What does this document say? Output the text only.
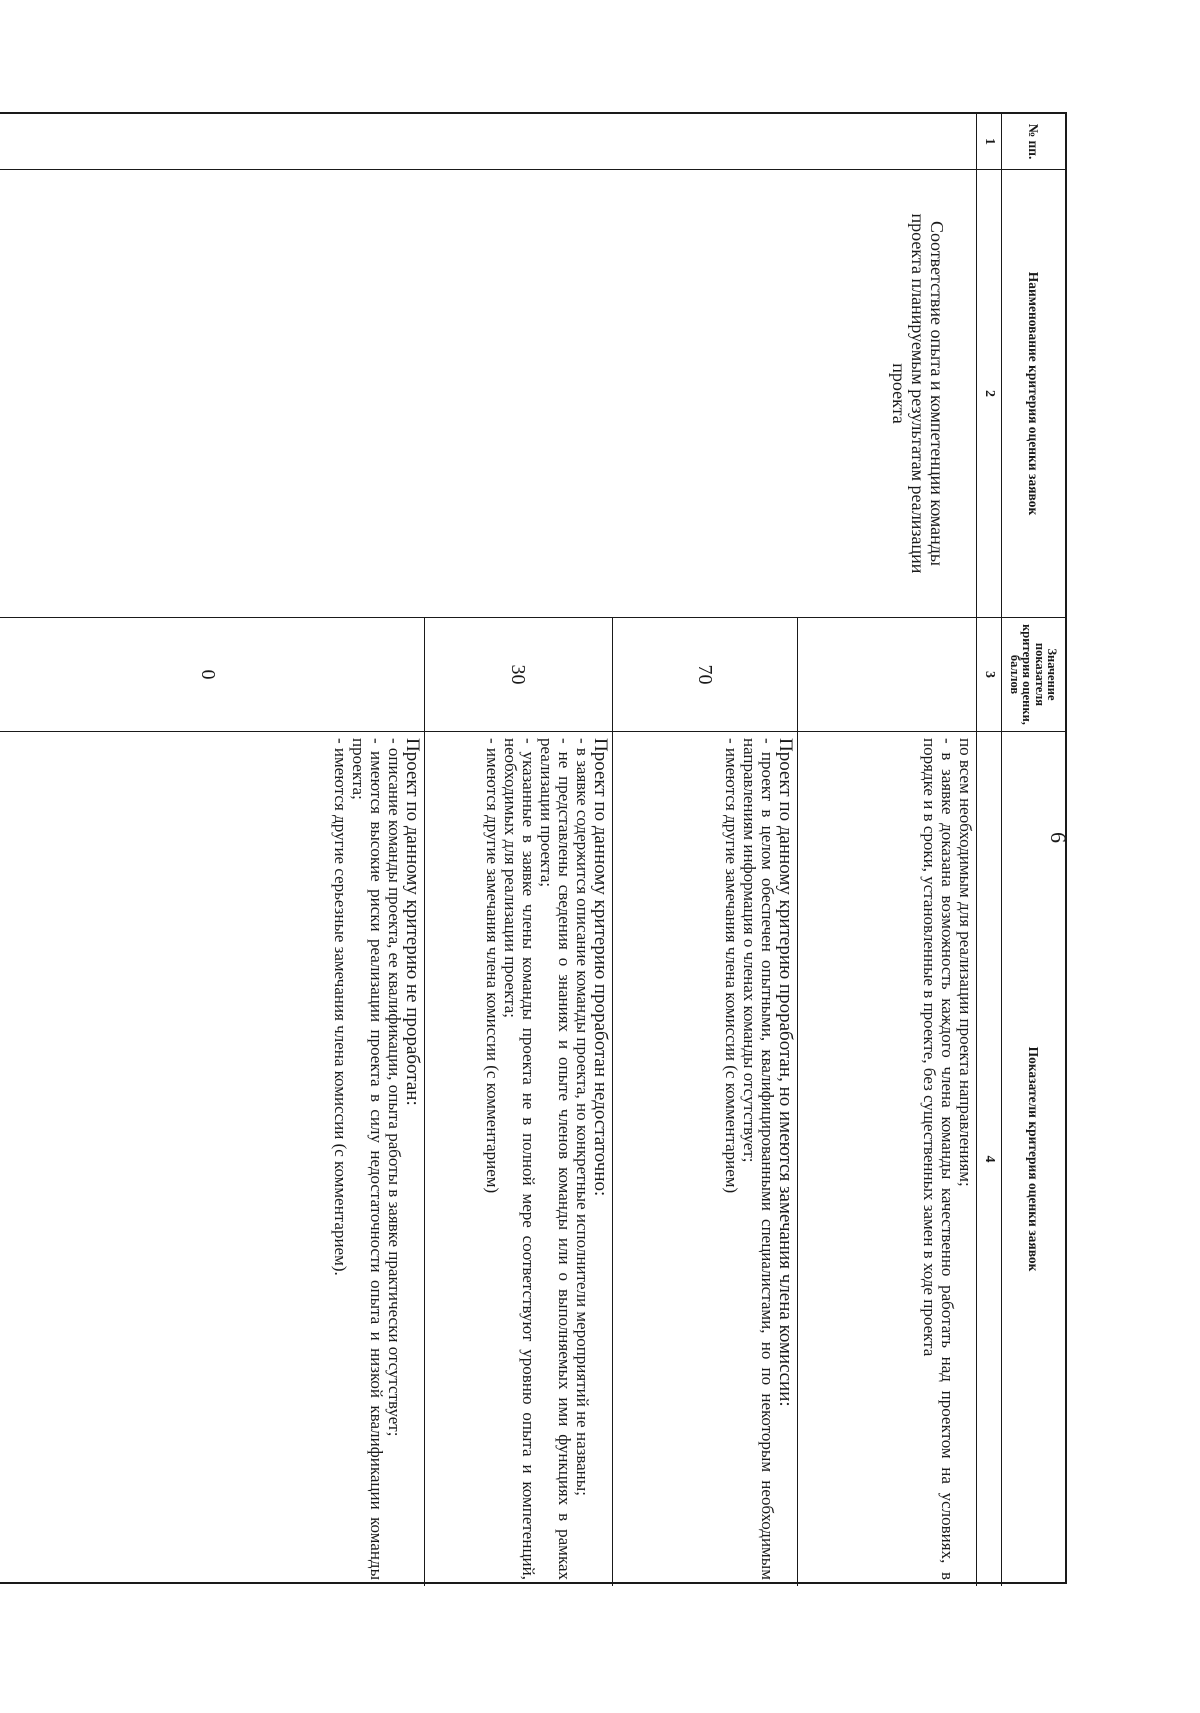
6
№ пп.
Наименование критерия оценки заявок
Значение показателя критерия оценки, баллов
Показатели критерия оценки заявок
1
2
3
4
Соответствие опыта и компетенции команды проекта планируемым результатам реализации проекта
по всем необходимым для реализации проекта направлениям;
- в заявке доказана возможность каждого члена команды качественно работать над проектом на условиях, в порядке и в сроки, установленные в проекте, без существенных замен в ходе проекта
70
Проект по данному критерию проработан, но имеются замечания члена комиссии:
- проект в целом обеспечен опытными, квалифицированными специалистами, но по некоторым необходимым направлениям информация о членах команды отсутствует;
- имеются другие замечания члена комиссии (с комментарием)
30
Проект по данному критерию проработан недостаточно:
- в заявке содержится описание команды проекта, но конкретные исполнители мероприятий не названы;
- не представлены сведения о знаниях и опыте членов команды или о выполняемых ими функциях в рамках реализации проекта;
- указанные в заявке члены команды проекта не в полной мере соответствуют уровню опыта и компетенций, необходимых для реализации проекта;
- имеются другие замечания члена комиссии (с комментарием)
0
Проект по данному критерию не проработан:
- описание команды проекта, ее квалификации, опыта работы в заявке практически отсутствует;
- имеются высокие риски реализации проекта в силу недостаточности опыта и низкой квалификации команды проекта;
- имеются другие серьезные замечания члена комиссии (с комментарием).
